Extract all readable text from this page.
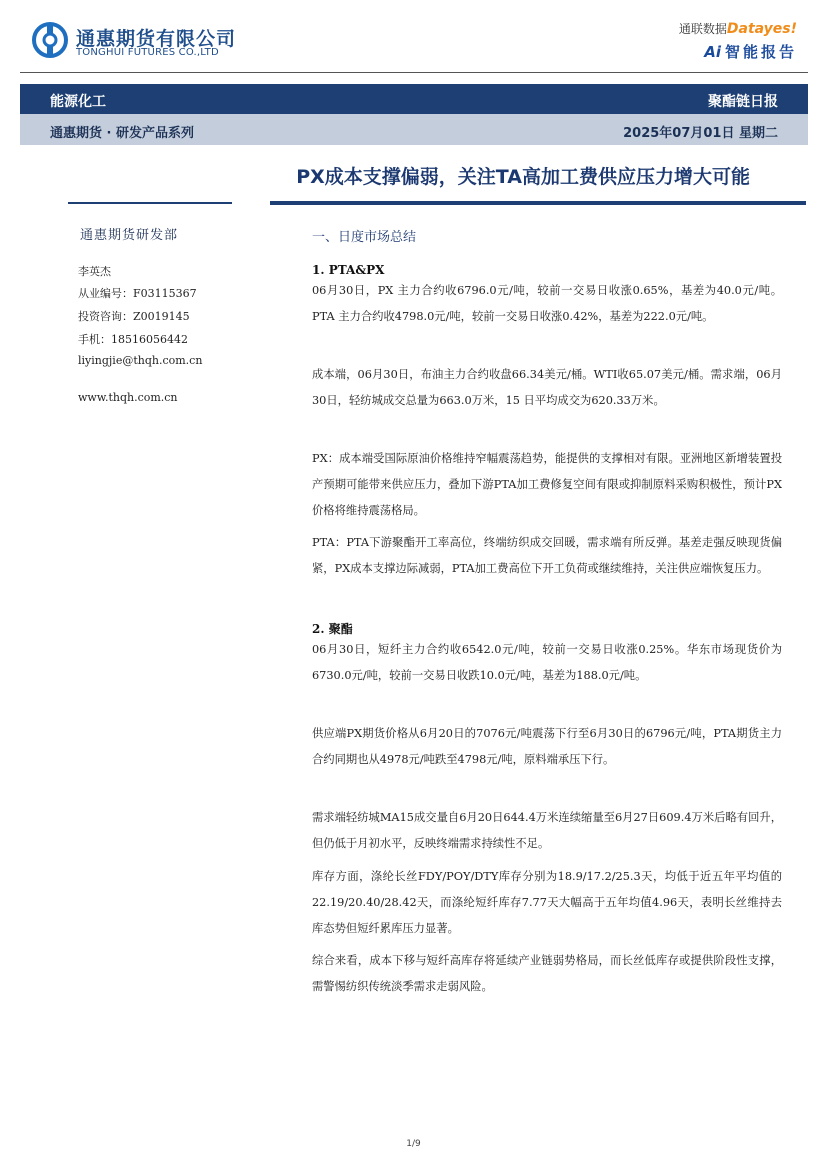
通惠期货有限公司
TONGHUI FUTURES CO.,LTD
通联数据Datayes!
Ai 智能报告
能源化工	聚酯链日报
通惠期货 · 研发产品系列	2025年07月01日 星期二
PX成本支撑偏弱，关注TA高加工费供应压力增大可能
通惠期货研发部
李英杰
从业编号：F03115367
投资咨询：Z0019145
手机：18516056442
liyingjie@thqh.com.cn
www.thqh.com.cn
一、日度市场总结
1. PTA&PX

06月30日，PX 主力合约收6796.0元/吨，较前一交易日收涨0.65%，基差为40.0元/吨。PTA 主力合约收4798.0元/吨，较前一交易日收涨0.42%，基差为222.0元/吨。

成本端，06月30日，布油主力合约收盘66.34美元/桶。WTI收65.07美元/桶。需求端，06月30日，轻纺城成交总量为663.0万米，15 日平均成交为620.33万米。

PX：成本端受国际原油价格维持窄幅震荡趋势，能提供的支撑相对有限。亚洲地区新增装置投产预期可能带来供应压力，叠加下游PTA加工费修复空间有限或抑制原料采购积极性，预计PX价格将维持震荡格局。

PTA：PTA下游聚酯开工率高位，终端纺织成交回暖，需求端有所反弹。基差走强反映现货偏紧，PX成本支撑边际减弱，PTA加工费高位下开工负荷或继续维持，关注供应端恢复压力。

2. 聚酯

06月30日，短纤主力合约收6542.0元/吨，较前一交易日收涨0.25%。华东市场现货价为6730.0元/吨，较前一交易日收跌10.0元/吨，基差为188.0元/吨。

供应端PX期货价格从6月20日的7076元/吨震荡下行至6月30日的6796元/吨，PTA期货主力合约同期也从4978元/吨跌至4798元/吨，原料端承压下行。

需求端轻纺城MA15成交量自6月20日644.4万米连续缩量至6月27日609.4万米后略有回升，但仍低于月初水平，反映终端需求持续性不足。

库存方面，涤纶长丝FDY/POY/DTY库存分别为18.9/17.2/25.3天，均低于近五年平均值的22.19/20.40/28.42天，而涤纶短纤库存7.77天大幅高于五年均值4.96天，表明长丝维持去库态势但短纤累库压力显著。

综合来看，成本下移与短纤高库存将延续产业链弱势格局，而长丝低库存或提供阶段性支撑，需警惕纺织传统淡季需求走弱风险。

1/9
